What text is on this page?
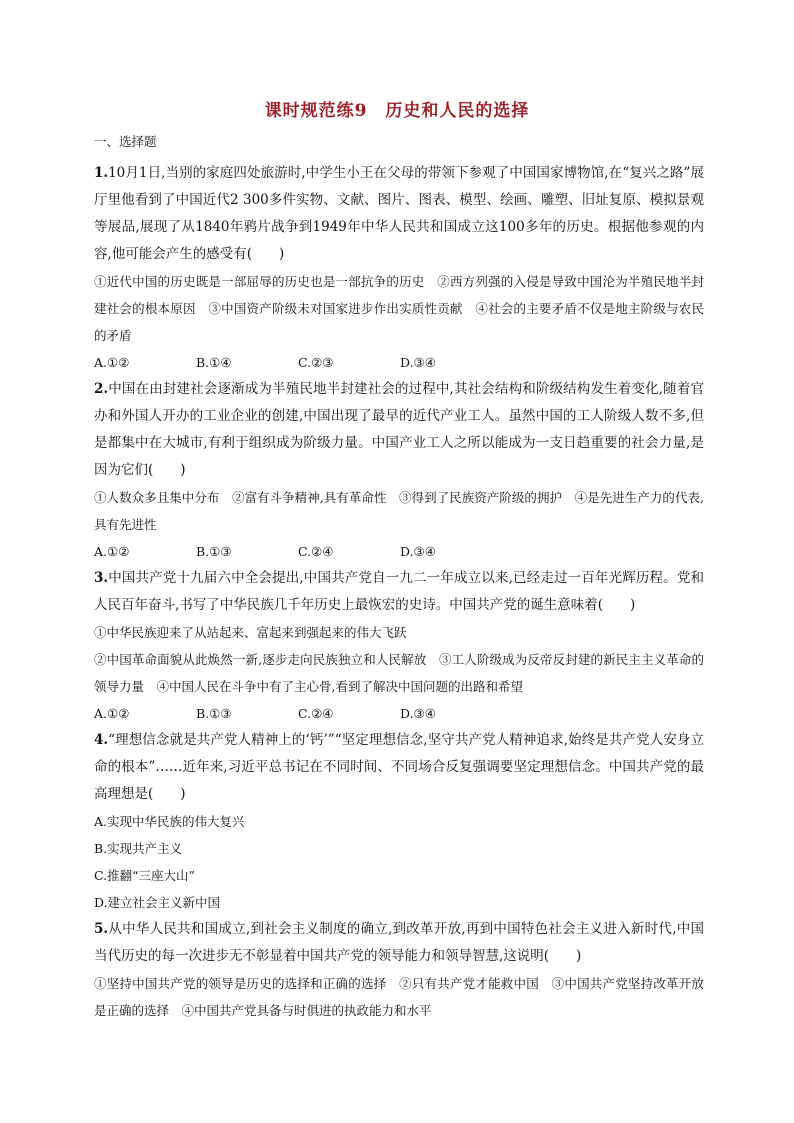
课时规范练9　历史和人民的选择
一、选择题
1.10月1日,当别的家庭四处旅游时,中学生小王在父母的带领下参观了中国国家博物馆,在“复兴之路”展厅里他看到了中国近代2 300多件实物、文献、图片、图表、模型、绘画、雕塑、旧址复原、模拟景观等展品,展现了从1840年鸦片战争到1949年中华人民共和国成立这100多年的历史。根据他参观的内容,他可能会产生的感受有(　　)
①近代中国的历史既是一部屈辱的历史也是一部抗争的历史　②西方列强的入侵是导致中国沦为半殖民地半封建社会的根本原因　③中国资产阶级未对国家进步作出实质性贡献　④社会的主要矛盾不仅是地主阶级与农民的矛盾
A.①②	B.①④	C.②③	D.③④
2.中国在由封建社会逐渐成为半殖民地半封建社会的过程中,其社会结构和阶级结构发生着变化,随着官办和外国人开办的工业企业的创建,中国出现了最早的近代产业工人。虽然中国的工人阶级人数不多,但是都集中在大城市,有利于组织成为阶级力量。中国产业工人之所以能成为一支日趋重要的社会力量,是因为它们(　　)
①人数众多且集中分布　②富有斗争精神,具有革命性　③得到了民族资产阶级的拥护　④是先进生产力的代表,具有先进性
A.①②	B.①③	C.②④	D.③④
3.中国共产党十九届六中全会提出,中国共产党自一九二一年成立以来,已经走过一百年光辉历程。党和人民百年奋斗,书写了中华民族几千年历史上最恢宏的史诗。中国共产党的诞生意味着(　　)
①中华民族迎来了从站起来、富起来到强起来的伟大飞跃
②中国革命面貌从此焕然一新,逐步走向民族独立和人民解放　③工人阶级成为反帝反封建的新民主主义革命的领导力量　④中国人民在斗争中有了主心骨,看到了解决中国问题的出路和希望
A.①②	B.①③	C.②④	D.③④
4.“理想信念就是共产党人精神上的‘钙’”“坚定理想信念,坚守共产党人精神追求,始终是共产党人安身立命的根本”……近年来,习近平总书记在不同时间、不同场合反复强调要坚定理想信念。中国共产党的最高理想是(　　)
A.实现中华民族的伟大复兴
B.实现共产主义
C.推翻“三座大山”
D.建立社会主义新中国
5.从中华人民共和国成立,到社会主义制度的确立,到改革开放,再到中国特色社会主义进入新时代,中国当代历史的每一次进步无不彰显着中国共产党的领导能力和领导智慧,这说明(　　)
①坚持中国共产党的领导是历史的选择和正确的选择　②只有共产党才能救中国　③中国共产党坚持改革开放是正确的选择　④中国共产党具备与时俱进的执政能力和水平
